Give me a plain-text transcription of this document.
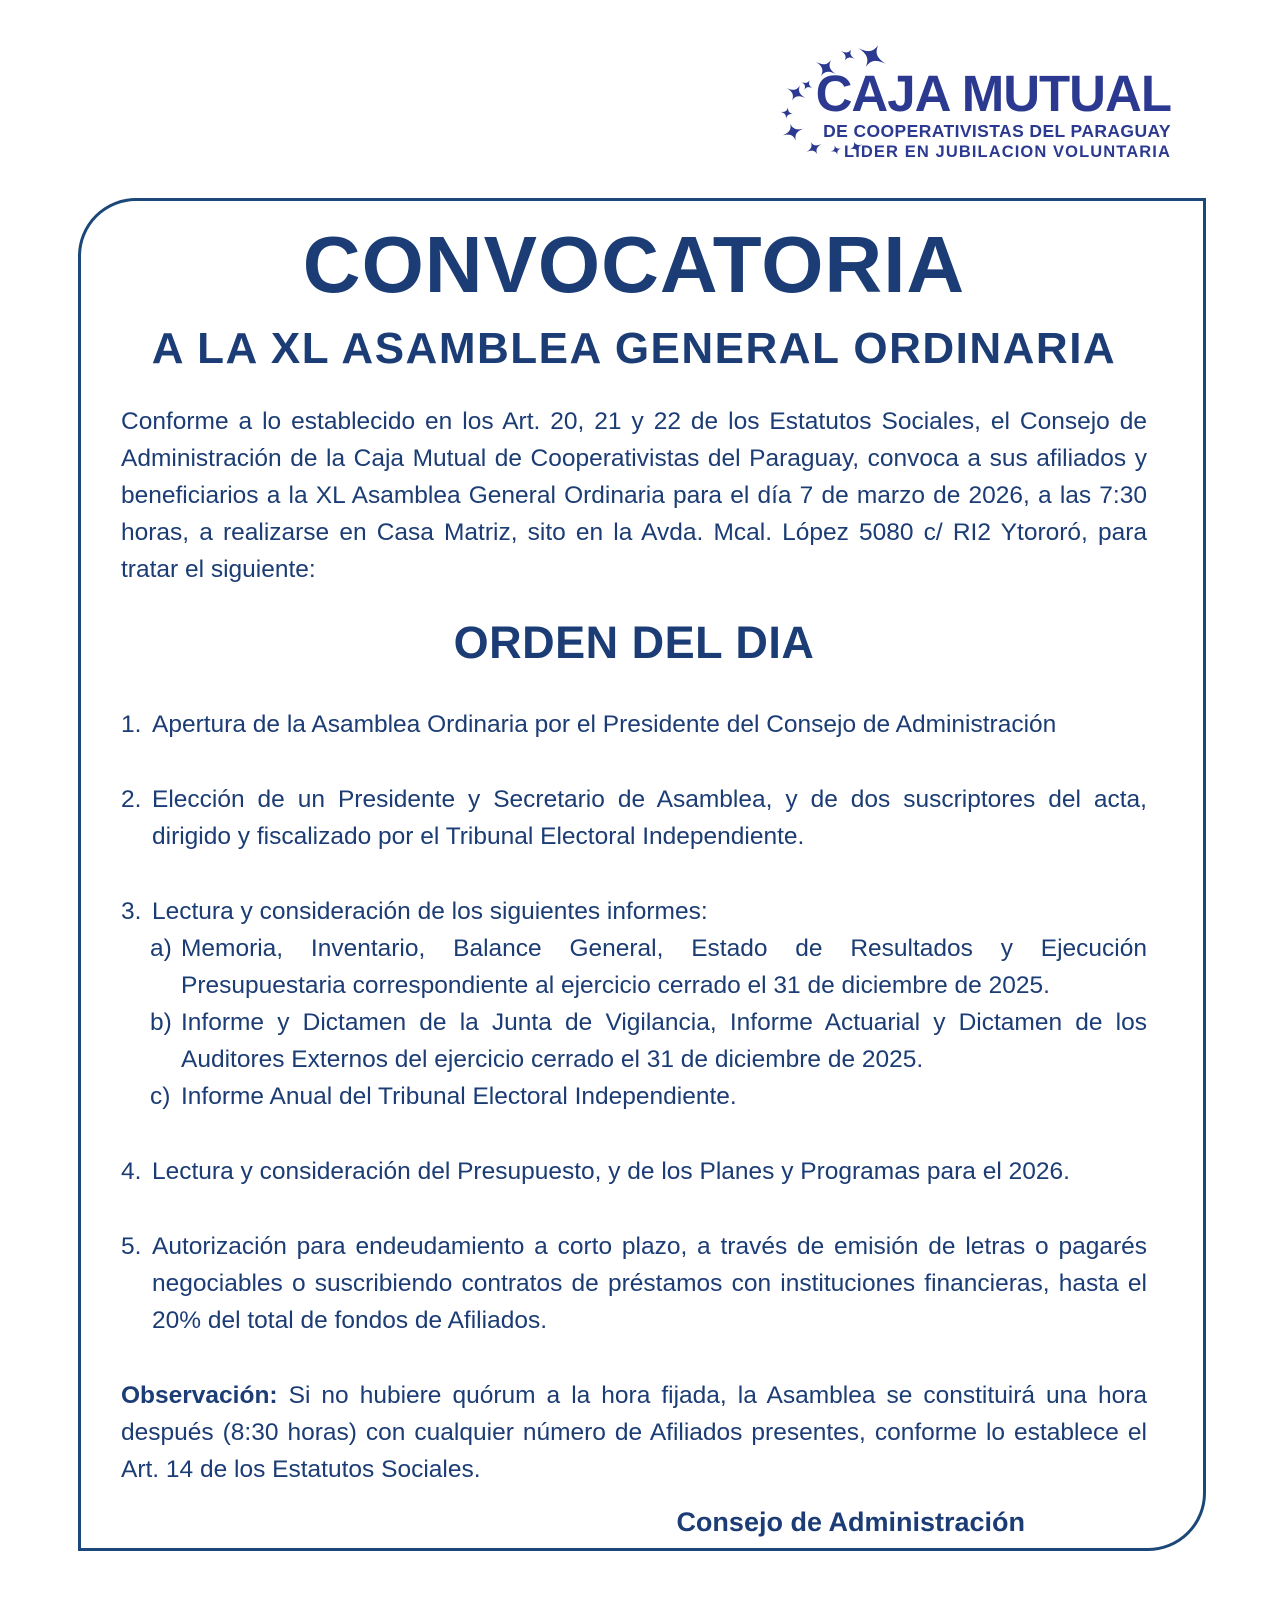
CAJA MUTUAL
DE COOPERATIVISTAS DEL PARAGUAY
LIDER EN JUBILACION VOLUNTARIA
CONVOCATORIA
A LA XL ASAMBLEA GENERAL ORDINARIA

Conforme a lo establecido en los Art. 20, 21 y 22 de los Estatutos Sociales, el Consejo de Administración de la Caja Mutual de Cooperativistas del Paraguay, convoca a sus afiliados y beneficiarios a la XL Asamblea General Ordinaria para el día 7 de marzo de 2026, a las 7:30 horas, a realizarse en Casa Matriz, sito en la Avda. Mcal. López 5080 c/ RI2 Ytororó, para tratar el siguiente:

ORDEN DEL DIA
1. Apertura de la Asamblea Ordinaria por el Presidente del Consejo de Administración
2. Elección de un Presidente y Secretario de Asamblea, y de dos suscriptores del acta, dirigido y fiscalizado por el Tribunal Electoral Independiente.
3. Lectura y consideración de los siguientes informes:
a) Memoria, Inventario, Balance General, Estado de Resultados y Ejecución Presupuestaria correspondiente al ejercicio cerrado el 31 de diciembre de 2025.
b) Informe y Dictamen de la Junta de Vigilancia, Informe Actuarial y Dictamen de los Auditores Externos del ejercicio cerrado el 31 de diciembre de 2025.
c) Informe Anual del Tribunal Electoral Independiente.
4. Lectura y consideración del Presupuesto, y de los Planes y Programas para el 2026.
5. Autorización para endeudamiento a corto plazo, a través de emisión de letras o pagarés negociables o suscribiendo contratos de préstamos con instituciones financieras, hasta el 20% del total de fondos de Afiliados.

Observación: Si no hubiere quórum a la hora fijada, la Asamblea se constituirá una hora después (8:30 horas) con cualquier número de Afiliados presentes, conforme lo establece el Art. 14 de los Estatutos Sociales.

Consejo de Administración
